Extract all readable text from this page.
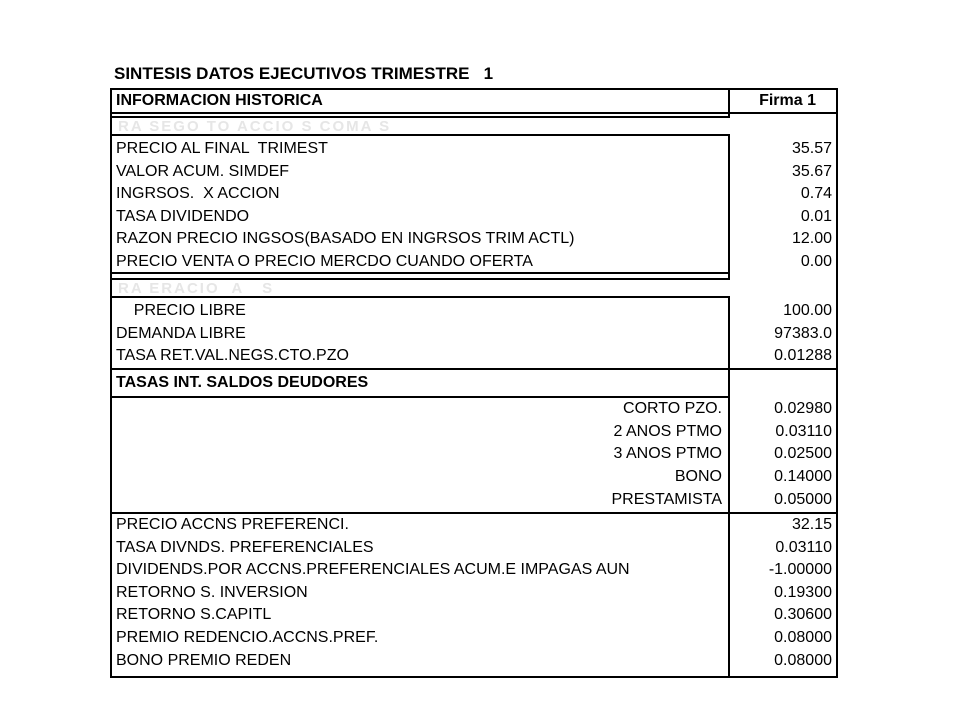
SINTESIS DATOS EJECUTIVOS TRIMESTRE   1
INFORMACION HISTORICA	Firma 1
RA SEGO TO ACCIO S COMA S
PRECIO AL FINAL  TRIMEST	35.57
VALOR ACUM. SIMDEF	35.67
INGRSOS.  X ACCION	0.74
TASA DIVIDENDO	0.01
RAZON PRECIO INGSOS(BASADO EN INGRSOS TRIM ACTL)	12.00
PRECIO VENTA O PRECIO MERCDO CUANDO OFERTA	0.00
RA ERACIO  A   S
PRECIO LIBRE	100.00
DEMANDA LIBRE	97383.0
TASA RET.VAL.NEGS.CTO.PZO	0.01288
TASAS INT. SALDOS DEUDORES
CORTO PZO.	0.02980
2 ANOS PTMO	0.03110
3 ANOS PTMO	0.02500
BONO	0.14000
PRESTAMISTA	0.05000
PRECIO ACCNS PREFERENCI.	32.15
TASA DIVNDS. PREFERENCIALES	0.03110
DIVIDENDS.POR ACCNS.PREFERENCIALES ACUM.E IMPAGAS AUN	-1.00000
RETORNO S. INVERSION	0.19300
RETORNO S.CAPITL	0.30600
PREMIO REDENCIO.ACCNS.PREF.	0.08000
BONO PREMIO REDEN	0.08000
